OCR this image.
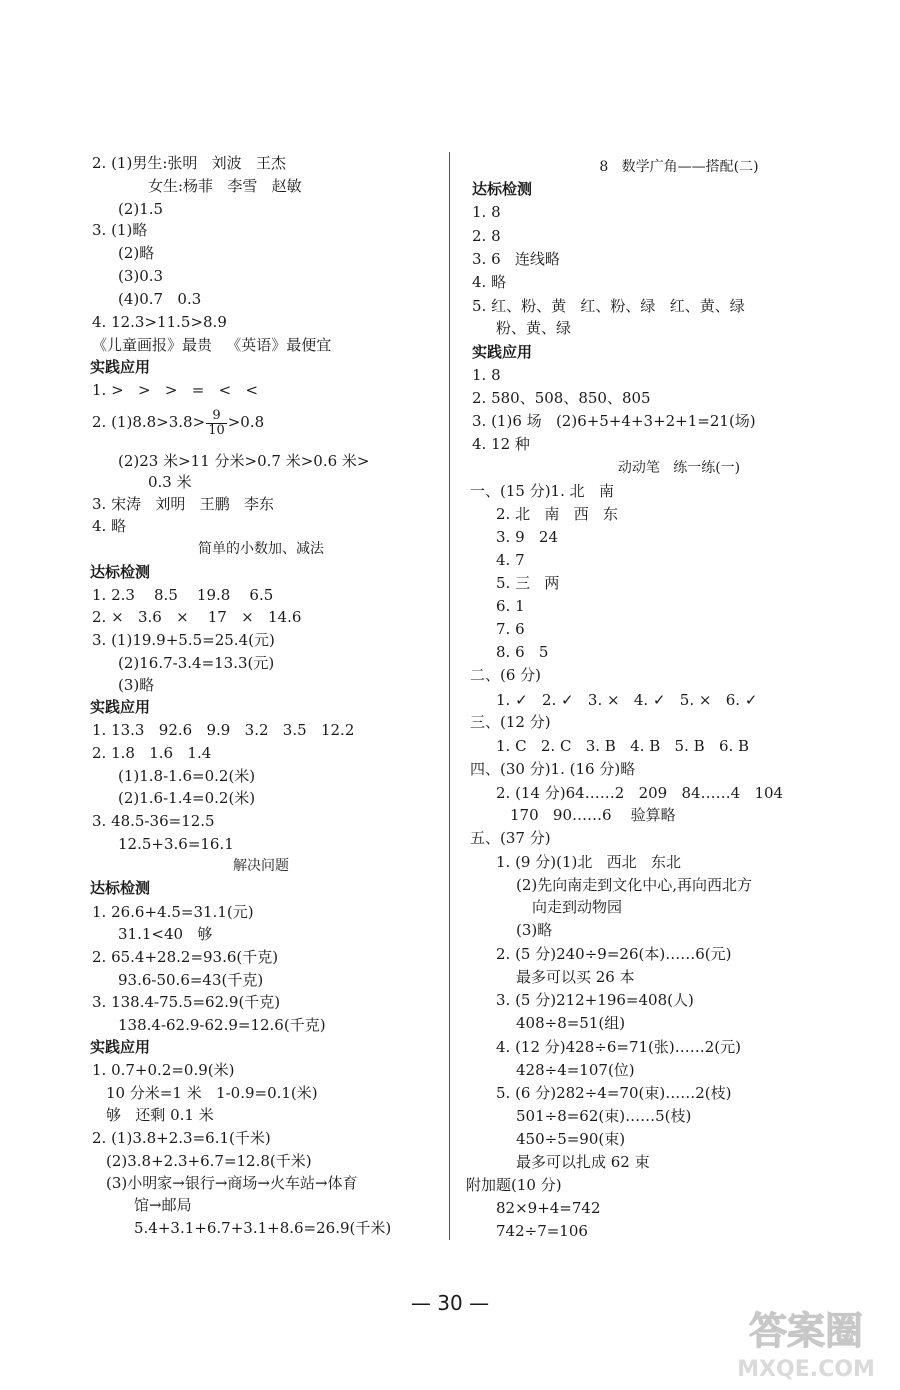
2. (1)男生:张明   刘波   王杰
女生:杨菲   李雪   赵敏
(2)1.5
3. (1)略
(2)略
(3)0.3
(4)0.7   0.3
4. 12.3>11.5>8.9
《儿童画报》最贵   《英语》最便宜
1. >   >   >   =   <   <
(2)23 米>11 分米>0.7 米>0.6 米>
0.3 米
3. 宋涛   刘明   王鹏   李东
4. 略
1. 2.3    8.5    19.8    6.5
2. ×   3.6   ×    17   ×   14.6
3. (1)19.9+5.5=25.4(元)
(2)16.7-3.4=13.3(元)
(3)略
1. 13.3   92.6   9.9   3.2   3.5   12.2
2. 1.8   1.6   1.4
(1)1.8-1.6=0.2(米)
(2)1.6-1.4=0.2(米)
3. 48.5-36=12.5
12.5+3.6=16.1
1. 26.6+4.5=31.1(元)
31.1<40   够
2. 65.4+28.2=93.6(千克)
93.6-50.6=43(千克)
3. 138.4-75.5=62.9(千克)
138.4-62.9-62.9=12.6(千克)
1. 0.7+0.2=0.9(米)
10 分米=1 米   1-0.9=0.1(米)
够   还剩 0.1 米
2. (1)3.8+2.3=6.1(千米)
(2)3.8+2.3+6.7=12.8(千米)
(3)小明家→银行→商场→火车站→体育
馆→邮局
5.4+3.1+6.7+3.1+8.6=26.9(千米)
实践应用
达标检测
实践应用
达标检测
实践应用
简单的小数加、减法
解决问题
2. $(1)8.8>3.8> \frac{9}{10} >0.8$
1. 8
2. 8
3. 6   连线略
4. 略
5. 红、粉、黄   红、粉、绿   红、黄、绿
粉、黄、绿
1. 8
2. 580、508、850、805
3. (1)6 场   (2)6+5+4+3+2+1=21(场)
4. 12 种
一、(15 分)1. 北   南
2. 北   南   西   东
3. 9   24
4. 7
5. 三   两
6. 1
7. 6
8. 6   5
二、(6 分)
1. ✓   2. ✓   3. ×   4. ✓   5. ×   6. ✓
三、(12 分)
1. C   2. C   3. B   4. B   5. B   6. B
四、(30 分)1. (16 分)略
2. (14 分)64……2   209   84……4   104
170   90……6    验算略
五、(37 分)
1. (9 分)(1)北   西北   东北
(2)先向南走到文化中心,再向西北方
向走到动物园
(3)略
2. (5 分)240÷9=26(本)……6(元)
最多可以买 26 本
3. (5 分)212+196=408(人)
408÷8=51(组)
4. (12 分)428÷6=71(张)……2(元)
428÷4=107(位)
5. (6 分)282÷4=70(束)……2(枝)
501÷8=62(束)……5(枝)
450÷5=90(束)
最多可以扎成 62 束
附加题(10 分)
82×9+4=742
742÷7=106
达标检测
实践应用
8   数学广角——搭配(二)
动动笔   练一练(一)
— 30 —
答案圈
MXQE.COM
